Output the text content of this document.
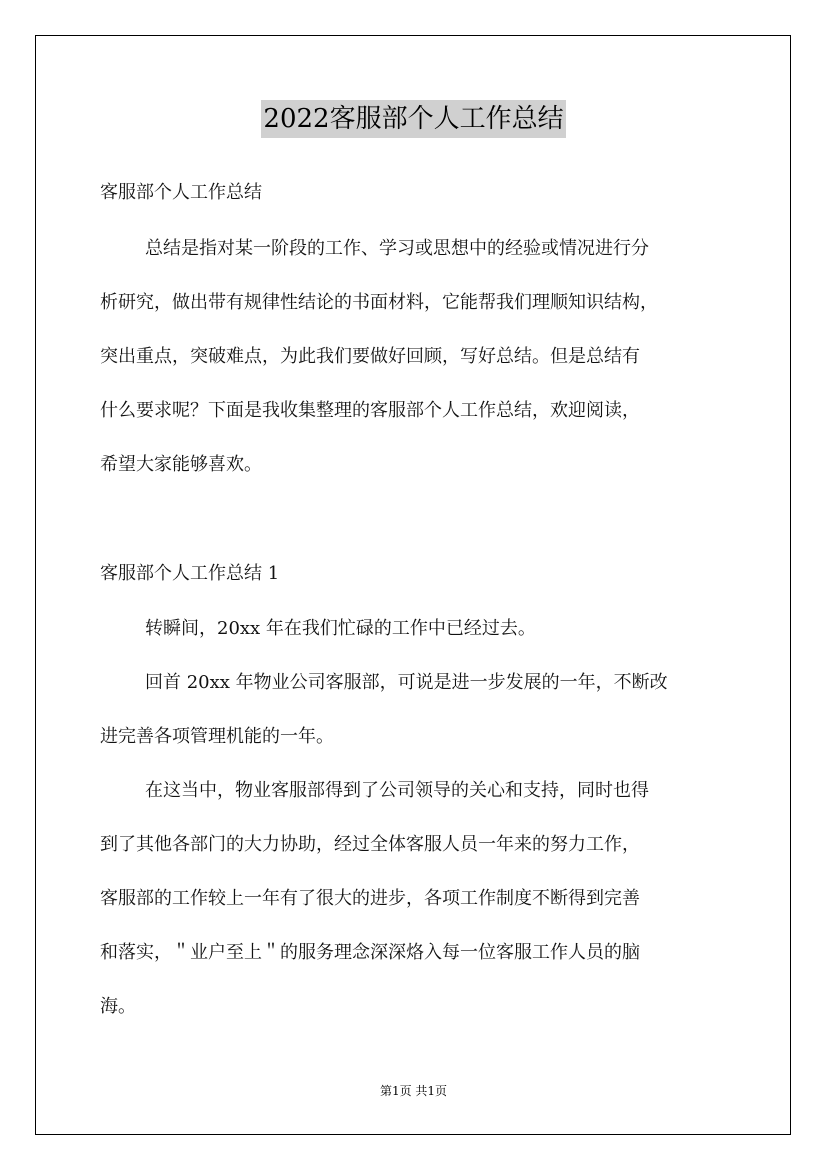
2022客服部个人工作总结
客服部个人工作总结
总结是指对某一阶段的工作、学习或思想中的经验或情况进行分
析研究，做出带有规律性结论的书面材料，它能帮我们理顺知识结构，
突出重点，突破难点，为此我们要做好回顾，写好总结。但是总结有
什么要求呢？下面是我收集整理的客服部个人工作总结，欢迎阅读，
希望大家能够喜欢。
客服部个人工作总结 1
转瞬间，20xx 年在我们忙碌的工作中已经过去。
回首 20xx 年物业公司客服部，可说是进一步发展的一年，不断改
进完善各项管理机能的一年。
在这当中，物业客服部得到了公司领导的关心和支持，同时也得
到了其他各部门的大力协助，经过全体客服人员一年来的努力工作，
客服部的工作较上一年有了很大的进步，各项工作制度不断得到完善
和落实，＂业户至上＂的服务理念深深烙入每一位客服工作人员的脑
海。
第1页 共1页
